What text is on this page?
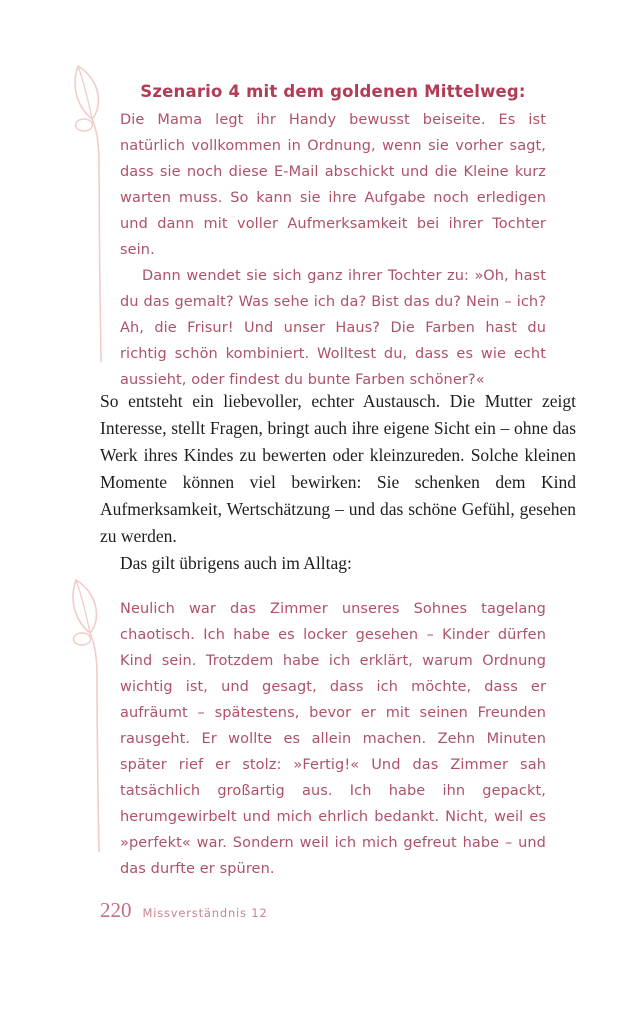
Szenario 4 mit dem goldenen Mittelweg:

Die Mama legt ihr Handy bewusst beiseite. Es ist natürlich vollkommen in Ordnung, wenn sie vorher sagt, dass sie noch diese E-Mail abschickt und die Kleine kurz warten muss. So kann sie ihre Aufgabe noch erledigen und dann mit voller Aufmerksamkeit bei ihrer Tochter sein.

Dann wendet sie sich ganz ihrer Tochter zu: »Oh, hast du das gemalt? Was sehe ich da? Bist das du? Nein – ich? Ah, die Frisur! Und unser Haus? Die Farben hast du richtig schön kombiniert. Wolltest du, dass es wie echt aussieht, oder findest du bunte Farben schöner?«

So entsteht ein liebevoller, echter Austausch. Die Mutter zeigt Interesse, stellt Fragen, bringt auch ihre eigene Sicht ein – ohne das Werk ihres Kindes zu bewerten oder kleinzureden. Solche kleinen Momente können viel bewirken: Sie schenken dem Kind Aufmerksamkeit, Wertschätzung – und das schöne Gefühl, gesehen zu werden.

Das gilt übrigens auch im Alltag:

Neulich war das Zimmer unseres Sohnes tagelang chaotisch. Ich habe es locker gesehen – Kinder dürfen Kind sein. Trotzdem habe ich erklärt, warum Ordnung wichtig ist, und gesagt, dass ich möchte, dass er aufräumt – spätestens, bevor er mit seinen Freunden rausgeht. Er wollte es allein machen. Zehn Minuten später rief er stolz: »Fertig!« Und das Zimmer sah tatsächlich großartig aus. Ich habe ihn gepackt, herumgewirbelt und mich ehrlich bedankt. Nicht, weil es »perfekt« war. Sondern weil ich mich gefreut habe – und das durfte er spüren.

220 Missverständnis 12
